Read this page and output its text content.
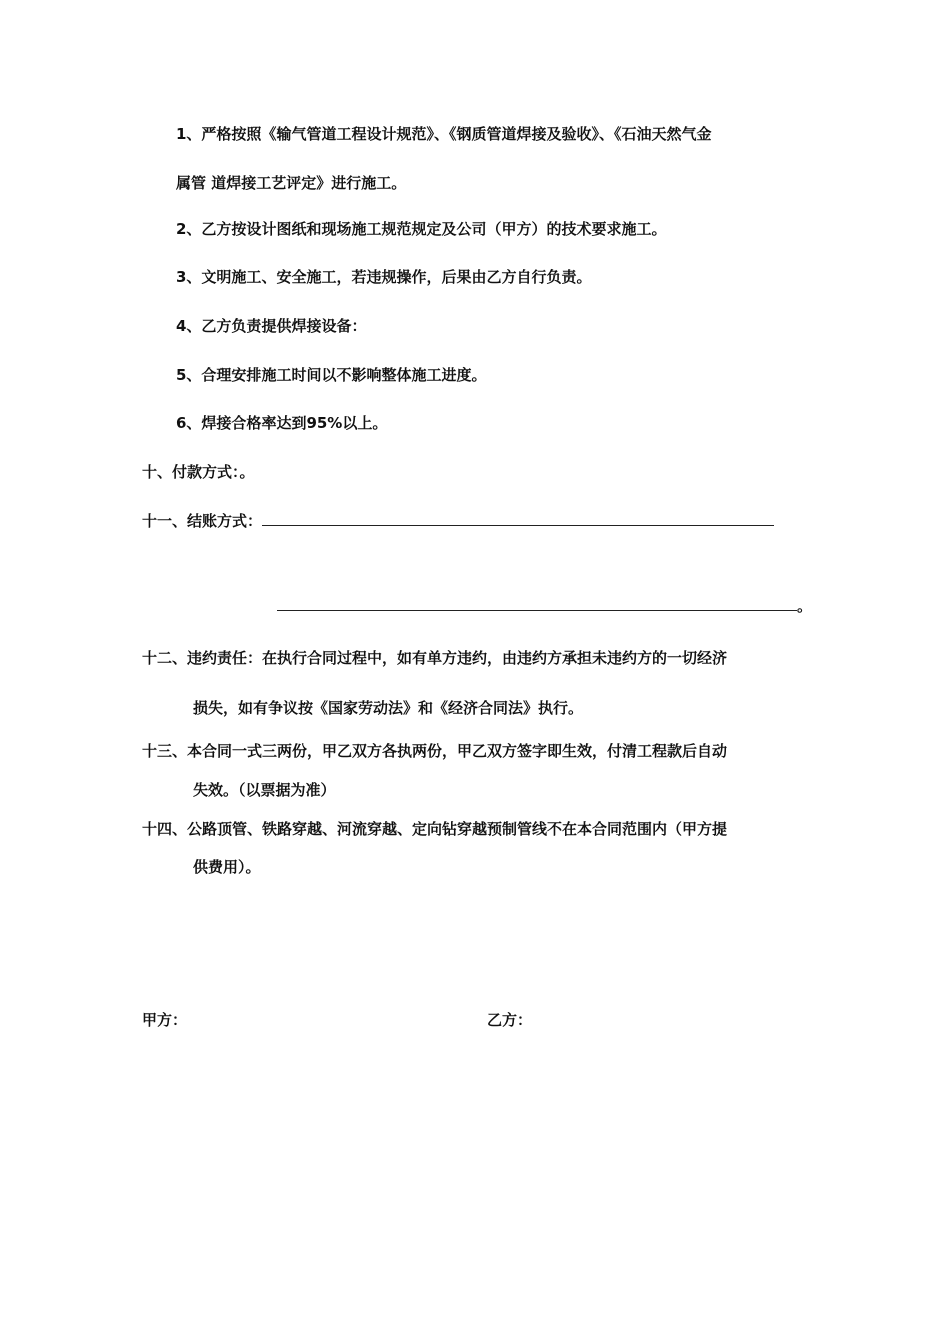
1、严格按照《输气管道工程设计规范》、《钢质管道焊接及验收》、《石油天然气金
属管 道焊接工艺评定》进行施工。
2、乙方按设计图纸和现场施工规范规定及公司（甲方）的技术要求施工。
3、文明施工、安全施工，若违规操作，后果由乙方自行负责。
4、乙方负责提供焊接设备：
5、合理安排施工时间以不影响整体施工进度。
6、焊接合格率达到95%以上。
十、付款方式：。
十一、结账方式：
。
十二、违约责任：在执行合同过程中，如有单方违约，由违约方承担未违约方的一切经济
损失，如有争议按《国家劳动法》和《经济合同法》执行。
十三、本合同一式三两份，甲乙双方各执两份，甲乙双方签字即生效，付清工程款后自动
失效。（以票据为准）
十四、公路顶管、铁路穿越、河流穿越、定向钻穿越预制管线不在本合同范围内（甲方提
供费用）。
甲方：	乙方：
